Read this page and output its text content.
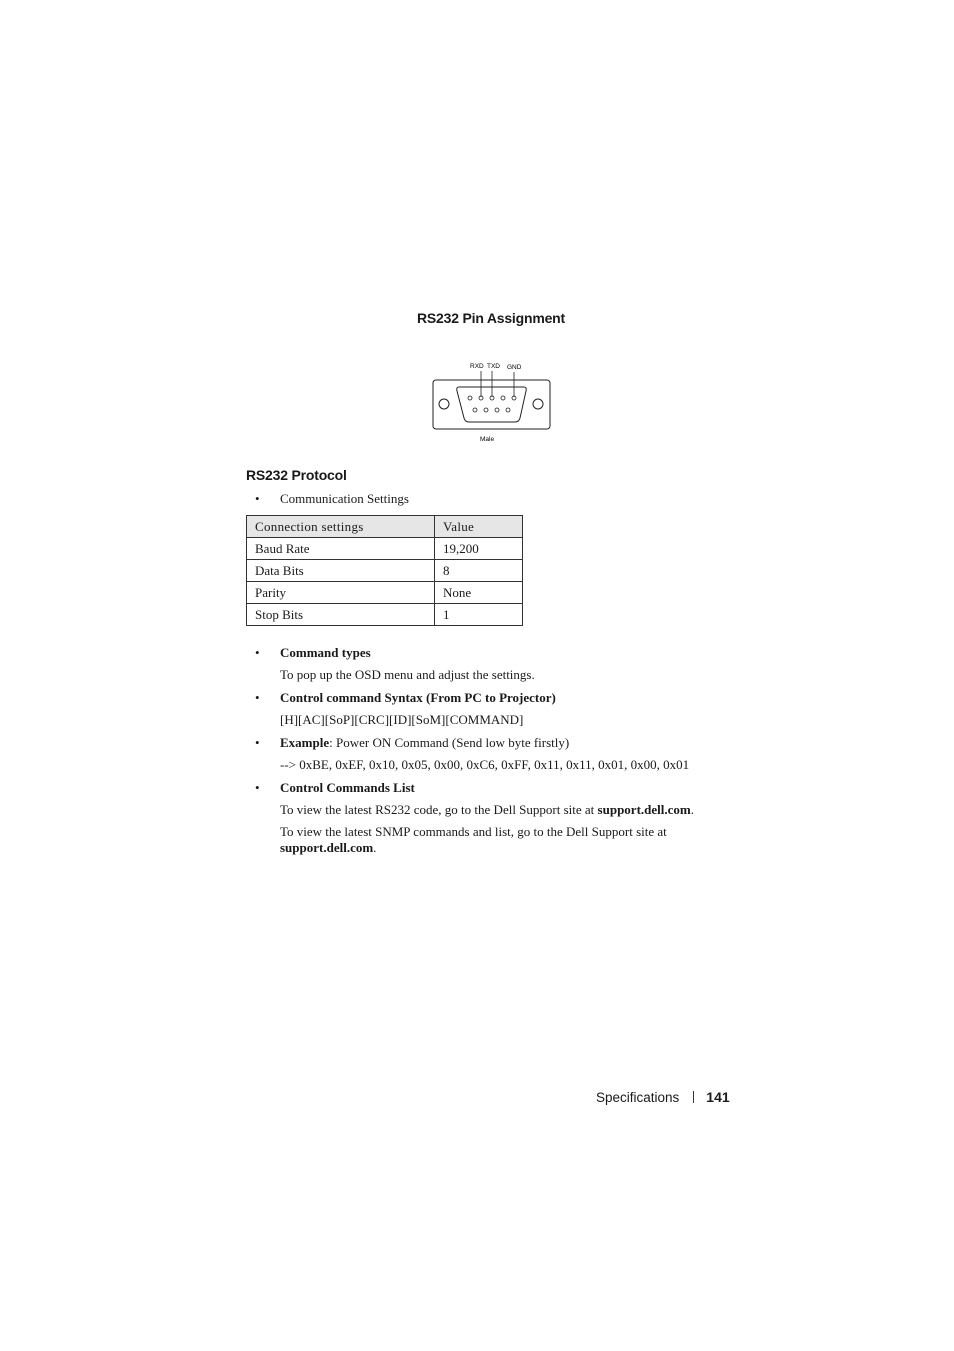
RS232 Pin Assignment
RXD TXD GND
Male
RS232 Protocol
• Communication Settings
Connection settings	Value
Baud Rate	19,200
Data Bits	8
Parity	None
Stop Bits	1
• Command types
To pop up the OSD menu and adjust the settings.
• Control command Syntax (From PC to Projector)
[H][AC][SoP][CRC][ID][SoM][COMMAND]
• Example: Power ON Command (Send low byte firstly)
--> 0xBE, 0xEF, 0x10, 0x05, 0x00, 0xC6, 0xFF, 0x11, 0x11, 0x01, 0x00, 0x01
• Control Commands List
To view the latest RS232 code, go to the Dell Support site at support.dell.com.
To view the latest SNMP commands and list, go to the Dell Support site at
support.dell.com.
Specifications 141
